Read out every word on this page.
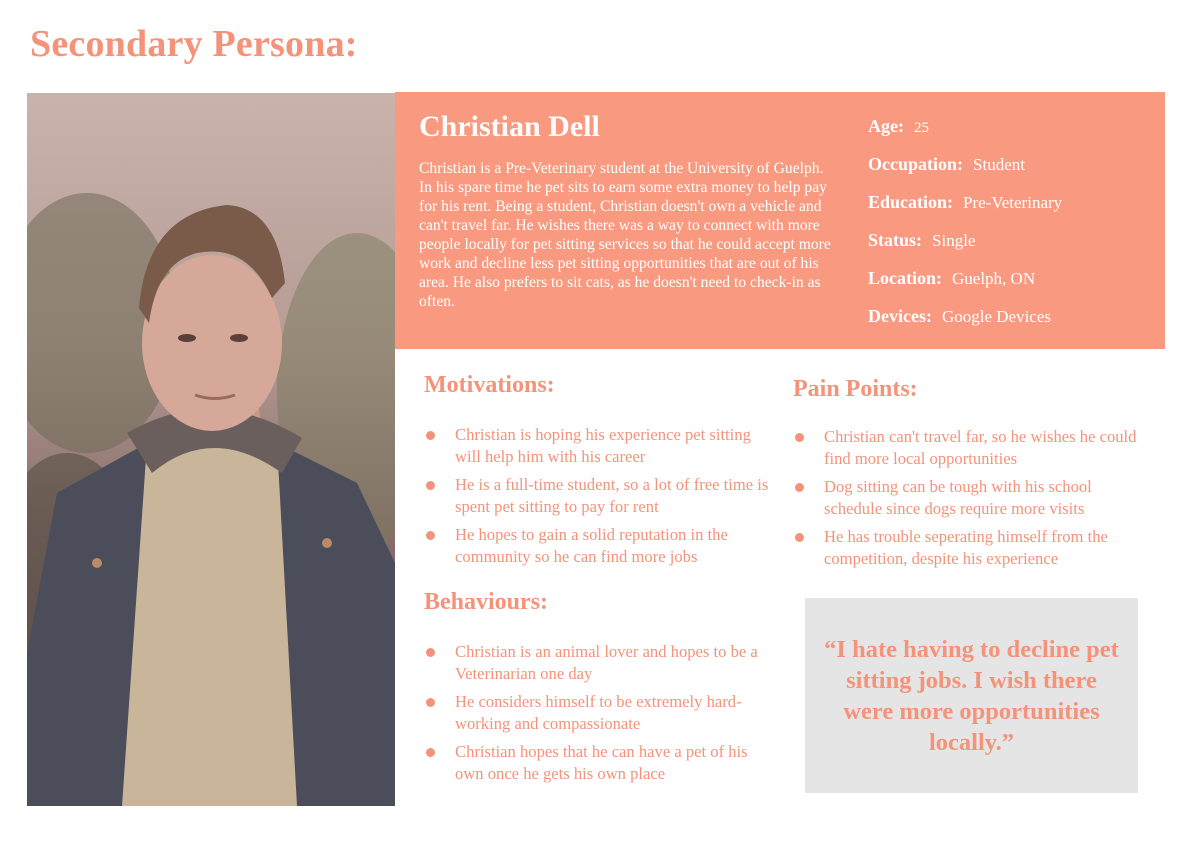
Secondary Persona:
Christian Dell
Christian is a Pre-Veterinary student at the University of Guelph. In his spare time he pet sits to earn some extra money to help pay for his rent. Being a student, Christian doesn't own a vehicle and can't travel far. He wishes there was a way to connect with more people locally for pet sitting services so that he could accept more work and decline less pet sitting opportunities that are out of his area. He also prefers to sit cats, as he doesn't need to check-in as often.
Age: 25
Occupation: Student
Education: Pre-Veterinary
Status: Single
Location: Guelph, ON
Devices: Google Devices
Motivations:
Christian is hoping his experience pet sitting will help him with his career
He is a full-time student, so a lot of free time is spent pet sitting to pay for rent
He hopes to gain a solid reputation in the community so he can find more jobs
Behaviours:
Christian is an animal lover and hopes to be a Veterinarian one day
He considers himself to be extremely hard-working and compassionate
Christian hopes that he can have a pet of his own once he gets his own place
Pain Points:
Christian can't travel far, so he wishes he could find more local opportunities
Dog sitting can be tough with his school schedule since dogs require more visits
He has trouble seperating himself from the competition, despite his experience
“I hate having to decline pet sitting jobs. I wish there were more opportunities locally.”
